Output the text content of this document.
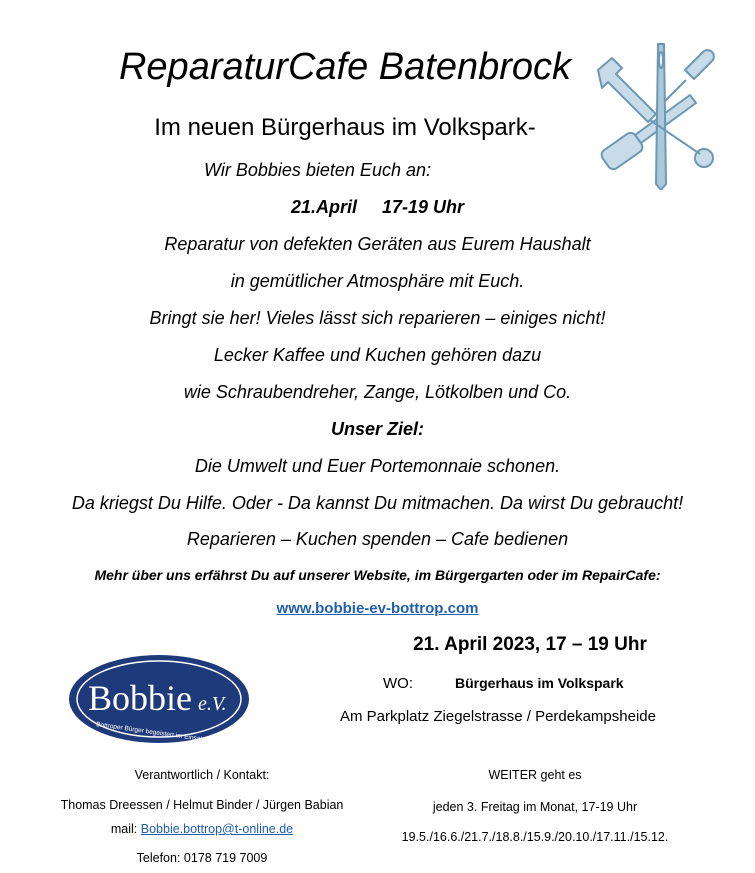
ReparaturCafe Batenbrock
Im neuen Bürgerhaus im Volkspark-
Wir Bobbies bieten Euch an:
21.April 17-19 Uhr
Reparatur von defekten Geräten aus Eurem Haushalt
in gemütlicher Atmosphäre mit Euch.
Bringt sie her! Vieles lässt sich reparieren – einiges nicht!
Lecker Kaffee und Kuchen gehören dazu
wie Schraubendreher, Zange, Lötkolben und Co.
Unser Ziel:
Die Umwelt und Euer Portemonnaie schonen.
Da kriegst Du Hilfe. Oder - Da kannst Du mitmachen. Da wirst Du gebraucht!
Reparieren – Kuchen spenden – Cafe bedienen
Mehr über uns erfährst Du auf unserer Website, im Bürgergarten oder im RepairCafe:
www.bobbie-ev-bottrop.com
21. April 2023, 17 – 19 Uhr
WO:	Bürgerhaus im Volkspark
Am Parkplatz Ziegelstrasse / Perdekampsheide
Bobbie e.V.
Bottroper Bürger begeistert im Einsatz
Verantwortlich / Kontakt:
Thomas Dreessen / Helmut Binder / Jürgen Babian
mail: Bobbie.bottrop@t-online.de
Telefon: 0178 719 7009
WEITER geht es
jeden 3. Freitag im Monat, 17-19 Uhr
19.5./16.6./21.7./18.8./15.9./20.10./17.11./15.12.
